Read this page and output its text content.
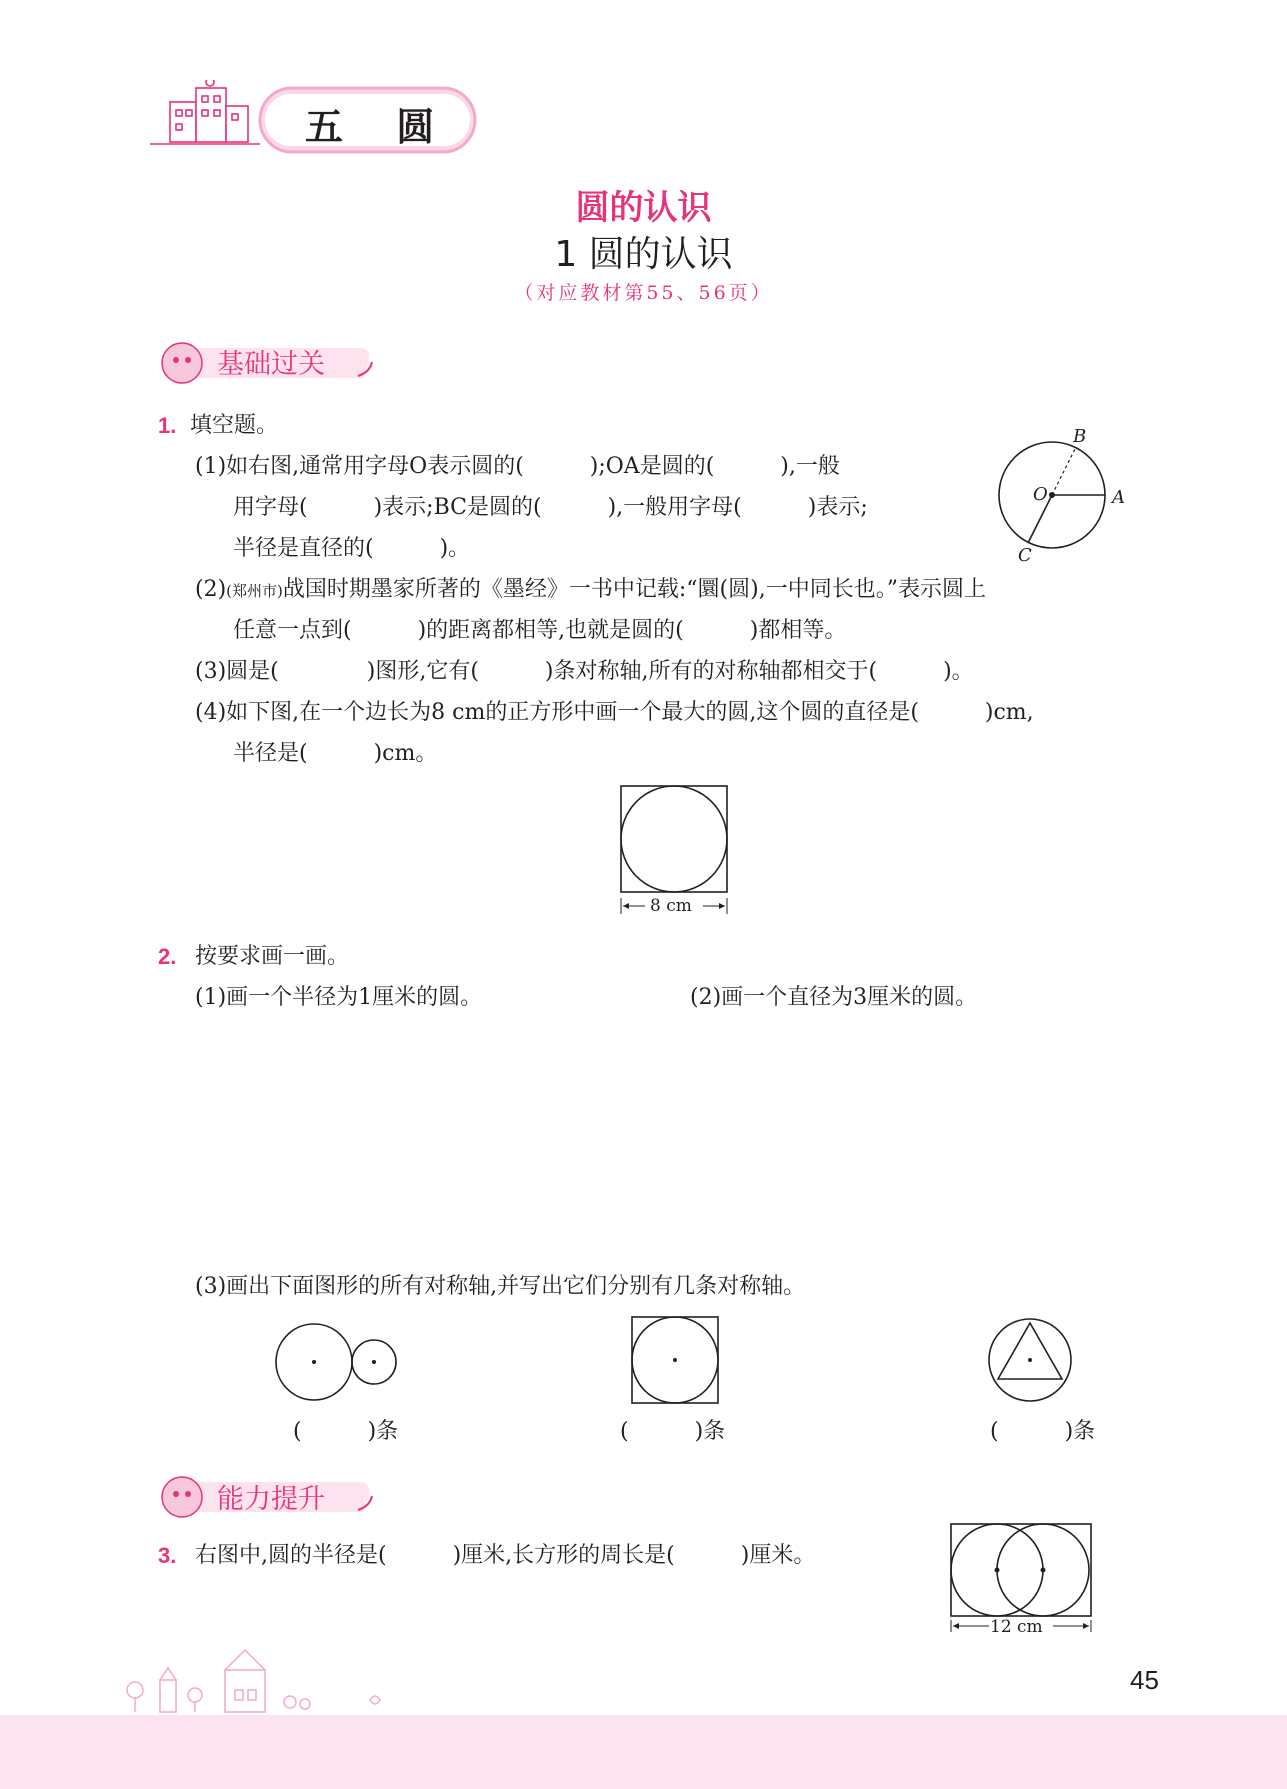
五 圆
圆的认识
1 圆的认识
（对应教材第55、56页）
基础过关
1. 填空题。
(1)如右图,通常用字母O表示圆的(　　　);OA是圆的(　　　),一般
用字母(　　　)表示;BC是圆的(　　　),一般用字母(　　　)表示;
半径是直径的(　　　)。
O	A
B
C
(2)(郑州市)战国时期墨家所著的《墨经》一书中记载:“圜(圆),一中同长也。”表示圆上
任意一点到(　　　)的距离都相等,也就是圆的(　　　)都相等。
(3)圆是(　　　　)图形,它有(　　　)条对称轴,所有的对称轴都相交于(　　　)。
(4)如下图,在一个边长为8 cm的正方形中画一个最大的圆,这个圆的直径是(　　　)cm,
半径是(　　　)cm。
8 cm
2. 按要求画一画。
(1)画一个半径为1厘米的圆。	(2)画一个直径为3厘米的圆。
(3)画出下面图形的所有对称轴,并写出它们分别有几条对称轴。
(　　　)条	(　　　)条	(　　　)条
能力提升
3. 右图中,圆的半径是(　　　)厘米,长方形的周长是(　　　)厘米。
12 cm
45
